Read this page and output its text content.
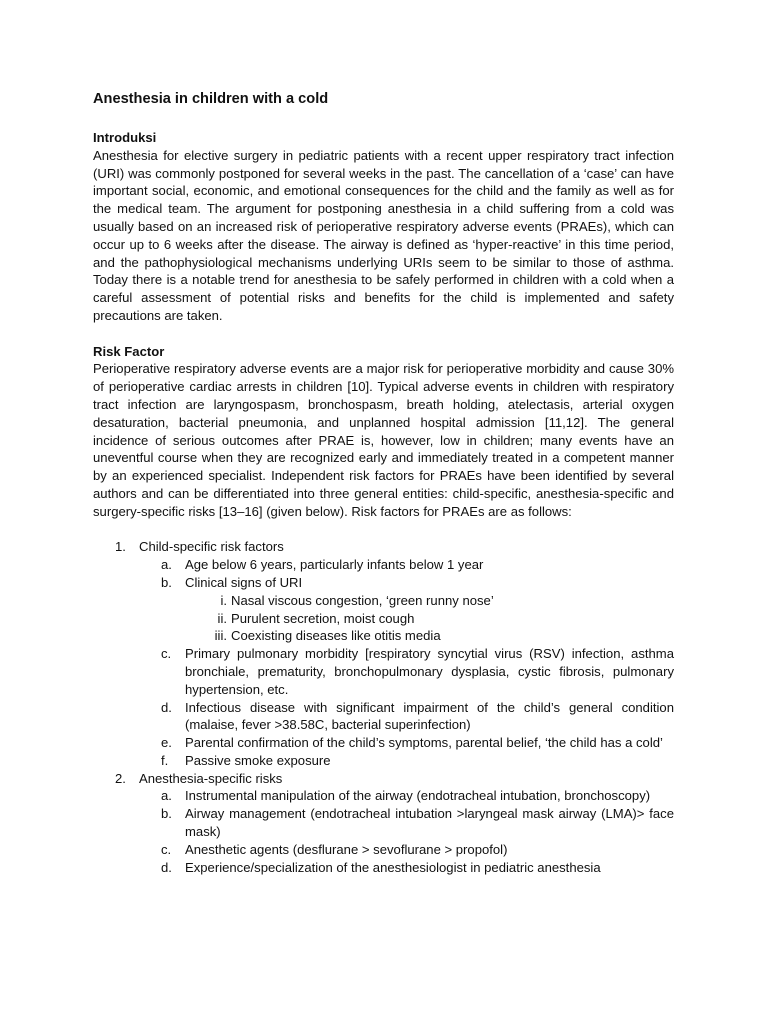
Anesthesia in children with a cold
Introduksi

Anesthesia for elective surgery in pediatric patients with a recent upper respiratory tract infection (URI) was commonly postponed for several weeks in the past. The cancellation of a ‘case’ can have important social, economic, and emotional consequences for the child and the family as well as for the medical team. The argument for postponing anesthesia in a child suffering from a cold was usually based on an increased risk of perioperative respiratory adverse events (PRAEs), which can occur up to 6 weeks after the disease. The airway is defined as ‘hyper-reactive’ in this time period, and the pathophysiological mechanisms underlying URIs seem to be similar to those of asthma. Today there is a notable trend for anesthesia to be safely performed in children with a cold when a careful assessment of potential risks and benefits for the child is implemented and safety precautions are taken.

Risk Factor

Perioperative respiratory adverse events are a major risk for perioperative morbidity and cause 30% of perioperative cardiac arrests in children [10]. Typical adverse events in children with respiratory tract infection are laryngospasm, bronchospasm, breath holding, atelectasis, arterial oxygen desaturation, bacterial pneumonia, and unplanned hospital admission [11,12]. The general incidence of serious outcomes after PRAE is, however, low in children; many events have an uneventful course when they are recognized early and immediately treated in a competent manner by an experienced specialist. Independent risk factors for PRAEs have been identified by several authors and can be differentiated into three general entities: child-specific, anesthesia-specific and surgery-specific risks [13–16] (given below). Risk factors for PRAEs are as follows:

1. Child-specific risk factors
a. Age below 6 years, particularly infants below 1 year
b. Clinical signs of URI
i. Nasal viscous congestion, ‘green runny nose’
ii. Purulent secretion, moist cough
iii. Coexisting diseases like otitis media
c.	Primary pulmonary morbidity [respiratory syncytial virus (RSV) infection, asthma bronchiale, prematurity, bronchopulmonary dysplasia, cystic fibrosis, pulmonary hypertension, etc.
d. Infectious disease with significant impairment of the child’s general condition (malaise, fever >38.58C, bacterial superinfection)
e. Parental confirmation of the child’s symptoms, parental belief, ‘the child has a cold’
f.	Passive smoke exposure
2. Anesthesia-specific risks
a. Instrumental manipulation of the airway (endotracheal intubation, bronchoscopy)
b. Airway management (endotracheal intubation >laryngeal mask airway (LMA)> face mask)
c.	Anesthetic agents (desflurane > sevoflurane > propofol)
d. Experience/specialization of the anesthesiologist in pediatric anesthesia
